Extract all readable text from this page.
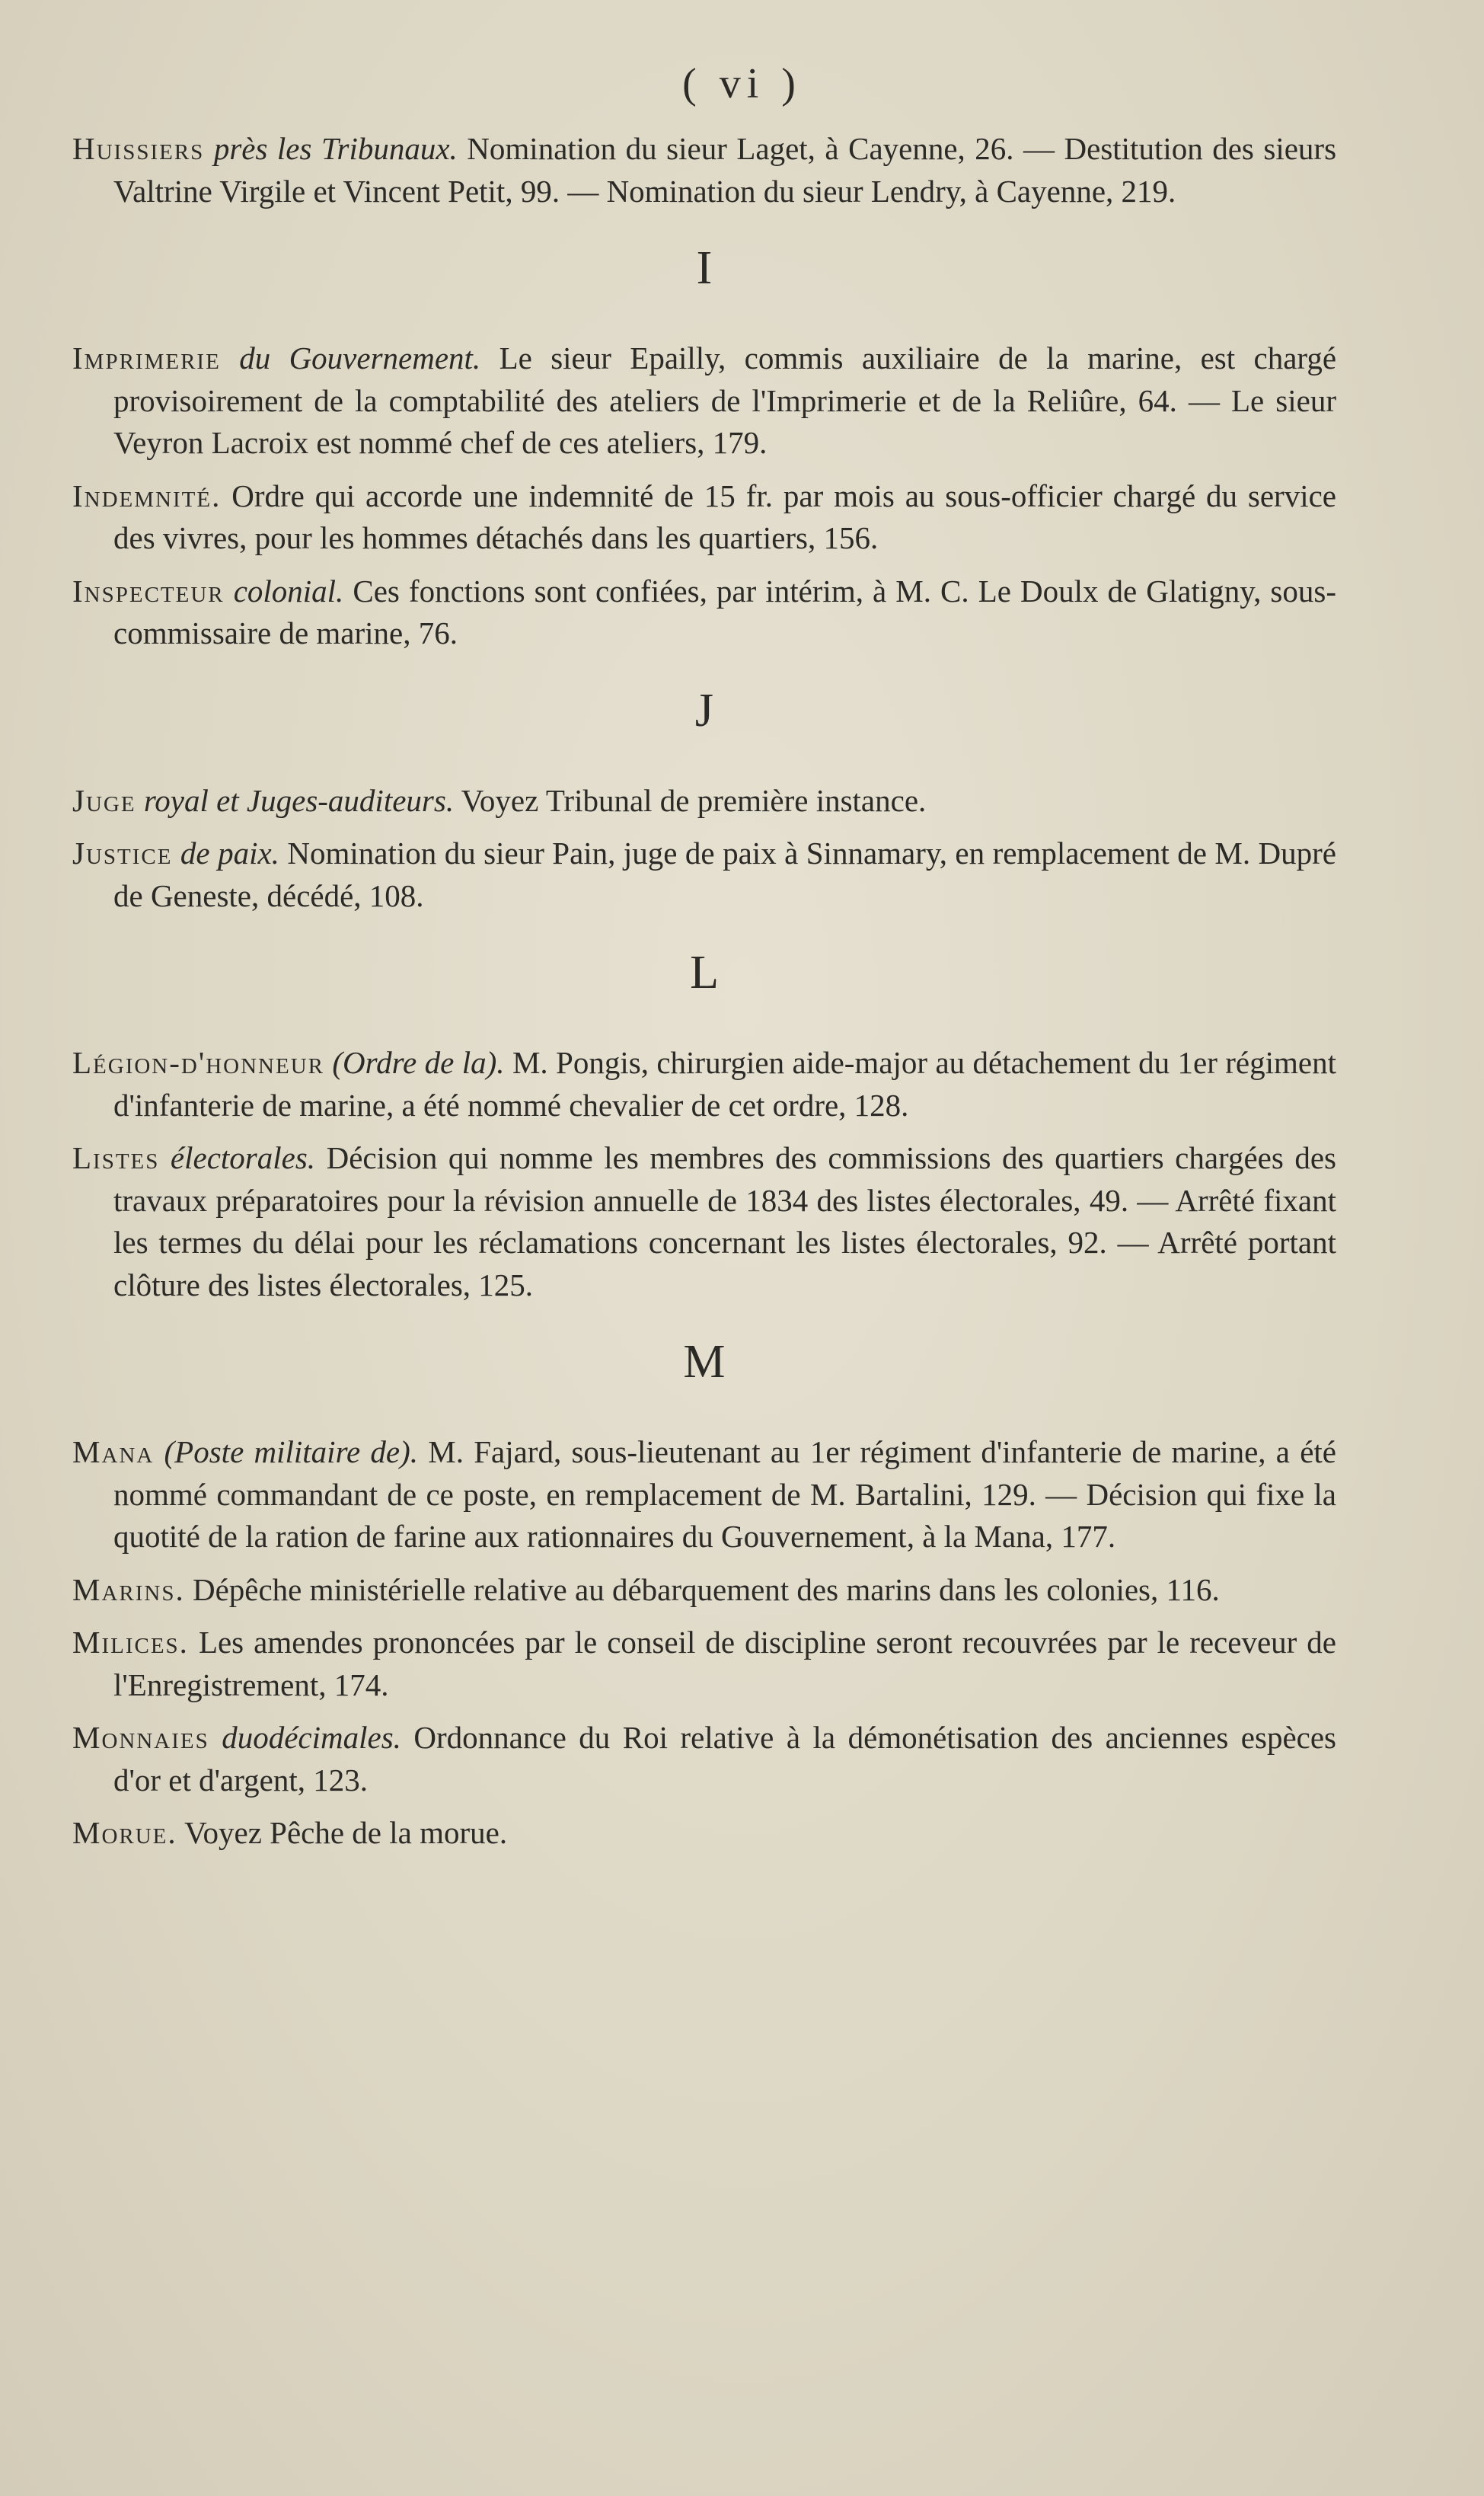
( vi )

Huissiers près les Tribunaux. Nomination du sieur Laget, à Cayenne, 26. — Destitution des sieurs Valtrine Virgile et Vincent Petit, 99. — Nomination du sieur Lendry, à Cayenne, 219.

I

Imprimerie du Gouvernement. Le sieur Epailly, commis auxiliaire de la marine, est chargé provisoirement de la comptabilité des ateliers de l'Imprimerie et de la Reliûre, 64. — Le sieur Veyron Lacroix est nommé chef de ces ateliers, 179.

Indemnité. Ordre qui accorde une indemnité de 15 fr. par mois au sous-officier chargé du service des vivres, pour les hommes détachés dans les quartiers, 156.

Inspecteur colonial. Ces fonctions sont confiées, par intérim, à M. C. Le Doulx de Glatigny, sous-commissaire de marine, 76.

J

Juge royal et Juges-auditeurs. Voyez Tribunal de première instance.

Justice de paix. Nomination du sieur Pain, juge de paix à Sinnamary, en remplacement de M. Dupré de Geneste, décédé, 108.

L

Légion-d'honneur (Ordre de la). M. Pongis, chirurgien aide-major au détachement du 1er régiment d'infanterie de marine, a été nommé chevalier de cet ordre, 128.

Listes électorales. Décision qui nomme les membres des commissions des quartiers chargées des travaux préparatoires pour la révision annuelle de 1834 des listes électorales, 49. — Arrêté fixant les termes du délai pour les réclamations concernant les listes électorales, 92. — Arrêté portant clôture des listes électorales, 125.

M

Mana (Poste militaire de). M. Fajard, sous-lieutenant au 1er régiment d'infanterie de marine, a été nommé commandant de ce poste, en remplacement de M. Bartalini, 129. — Décision qui fixe la quotité de la ration de farine aux rationnaires du Gouvernement, à la Mana, 177.

Marins. Dépêche ministérielle relative au débarquement des marins dans les colonies, 116.

Milices. Les amendes prononcées par le conseil de discipline seront recouvrées par le receveur de l'Enregistrement, 174.

Monnaies duodécimales. Ordonnance du Roi relative à la démonétisation des anciennes espèces d'or et d'argent, 123.

Morue. Voyez Pêche de la morue.
